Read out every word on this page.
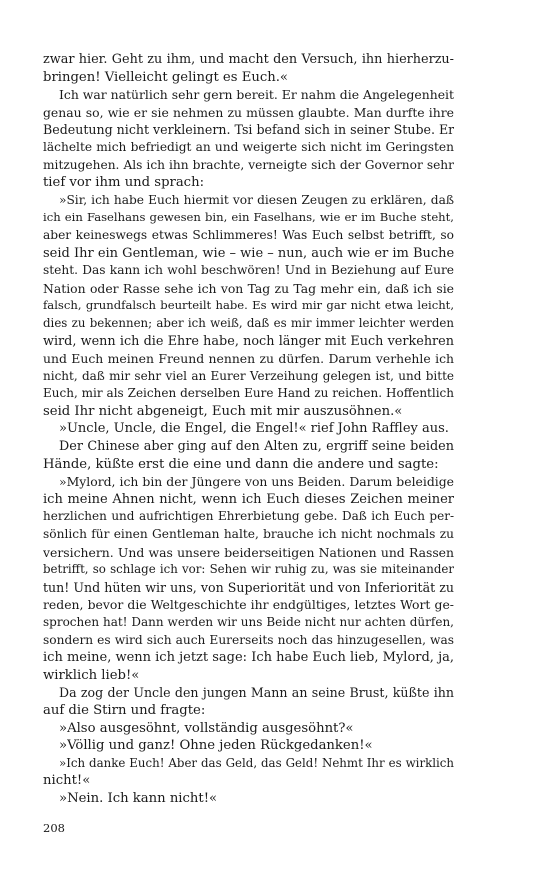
zwar hier. Geht zu ihm, und macht den Versuch, ihn hierherzu-
bringen! Vielleicht gelingt es Euch.«
Ich war natürlich sehr gern bereit. Er nahm die Angelegenheit
genau so, wie er sie nehmen zu müssen glaubte. Man durfte ihre
Bedeutung nicht verkleinern. Tsi befand sich in seiner Stube. Er
lächelte mich befriedigt an und weigerte sich nicht im Geringsten
mitzugehen. Als ich ihn brachte, verneigte sich der Governor sehr
tief vor ihm und sprach:
»Sir, ich habe Euch hiermit vor diesen Zeugen zu erklären, daß
ich ein Faselhans gewesen bin, ein Faselhans, wie er im Buche steht,
aber keineswegs etwas Schlimmeres! Was Euch selbst betrifft, so
seid Ihr ein Gentleman, wie – wie – nun, auch wie er im Buche
steht. Das kann ich wohl beschwören! Und in Beziehung auf Eure
Nation oder Rasse sehe ich von Tag zu Tag mehr ein, daß ich sie
falsch, grundfalsch beurteilt habe. Es wird mir gar nicht etwa leicht,
dies zu bekennen; aber ich weiß, daß es mir immer leichter werden
wird, wenn ich die Ehre habe, noch länger mit Euch verkehren
und Euch meinen Freund nennen zu dürfen. Darum verhehle ich
nicht, daß mir sehr viel an Eurer Verzeihung gelegen ist, und bitte
Euch, mir als Zeichen derselben Eure Hand zu reichen. Hoffentlich
seid Ihr nicht abgeneigt, Euch mit mir auszusöhnen.«
»Uncle, Uncle, die Engel, die Engel!« rief John Raffley aus.
Der Chinese aber ging auf den Alten zu, ergriff seine beiden
Hände, küßte erst die eine und dann die andere und sagte:
»Mylord, ich bin der Jüngere von uns Beiden. Darum beleidige
ich meine Ahnen nicht, wenn ich Euch dieses Zeichen meiner
herzlichen und aufrichtigen Ehrerbietung gebe. Daß ich Euch per-
sönlich für einen Gentleman halte, brauche ich nicht nochmals zu
versichern. Und was unsere beiderseitigen Nationen und Rassen
betrifft, so schlage ich vor: Sehen wir ruhig zu, was sie miteinander
tun! Und hüten wir uns, von Superiorität und von Inferiorität zu
reden, bevor die Weltgeschichte ihr endgültiges, letztes Wort ge-
sprochen hat! Dann werden wir uns Beide nicht nur achten dürfen,
sondern es wird sich auch Eurerseits noch das hinzugesellen, was
ich meine, wenn ich jetzt sage: Ich habe Euch lieb, Mylord, ja,
wirklich lieb!«
Da zog der Uncle den jungen Mann an seine Brust, küßte ihn
auf die Stirn und fragte:
»Also ausgesöhnt, vollständig ausgesöhnt?«
»Völlig und ganz! Ohne jeden Rückgedanken!«
»Ich danke Euch! Aber das Geld, das Geld! Nehmt Ihr es wirklich
nicht!«
»Nein. Ich kann nicht!«
208
